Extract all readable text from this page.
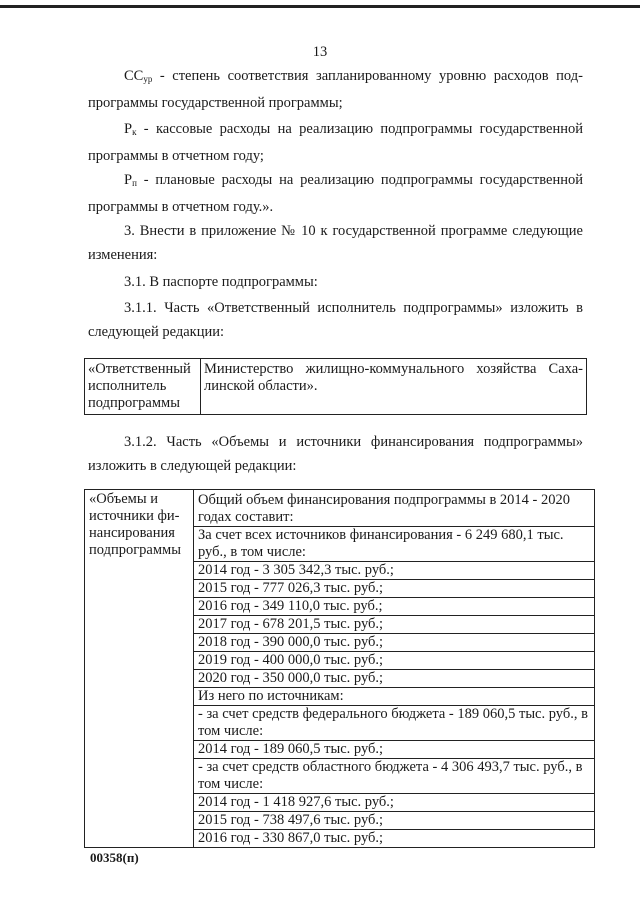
13

$СС_{ур}$ - степень соответствия запланированному уровню расходов подпрограммы государственной программы;

$Р_к$ - кассовые расходы на реализацию подпрограммы государственной программы в отчетном году;

$Р_п$ - плановые расходы на реализацию подпрограммы государственной программы в отчетном году.».

3. Внести в приложение № 10 к государственной программе следующие изменения:

3.1. В паспорте подпрограммы:

3.1.1. Часть «Ответственный исполнитель подпрограммы» изложить в следующей редакции:

«Ответственный исполнитель подпрограммы	Министерство жилищно-коммунального хозяйства Сахалинской области».

3.1.2. Часть «Объемы и источники финансирования подпрограммы» изложить в следующей редакции:

«Объемы и источники финансирования подпрограммы	
Общий объем финансирования подпрограммы в 2014 - 2020 годах составит:
За счет всех источников финансирования - 6 249 680,1 тыс. руб., в том числе:
2014 год - 3 305 342,3 тыс. руб.;
2015 год - 777 026,3 тыс. руб.;
2016 год - 349 110,0 тыс. руб.;
2017 год - 678 201,5 тыс. руб.;
2018 год - 390 000,0 тыс. руб.;
2019 год - 400 000,0 тыс. руб.;
2020 год - 350 000,0 тыс. руб.;
Из него по источникам:
- за счет средств федерального бюджета - 189 060,5 тыс. руб., в том числе:
2014 год - 189 060,5 тыс. руб.;
- за счет средств областного бюджета - 4 306 493,7 тыс. руб., в том числе:
2014 год - 1 418 927,6 тыс. руб.;
2015 год - 738 497,6 тыс. руб.;
2016 год - 330 867,0 тыс. руб.;
00358(п)
